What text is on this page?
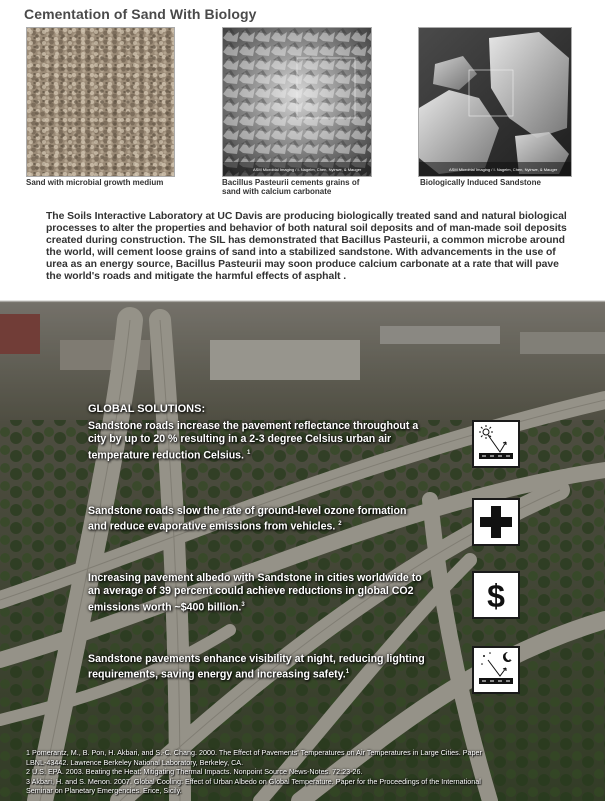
Cementation of Sand With Biology
ASM Microbial Imaging / I. Nagelm, Chen, Nyinwe, & Mauger	ASM Microbial Imaging / I. Nagelm, Chen, Nyinwe, & Mauger
Sand with microbial growth medium	Bacillus Pasteurii cements grains of sand with calcium carbonate
Biologically Induced Sandstone
The Soils Interactive Laboratory at UC Davis are producing biologically treated sand and natural biological processes to alter the properties and behavior of both natural soil deposits and of man-made soil deposits created during construction. The SIL has demonstrated that Bacillus Pasteurii, a common microbe around the world, will cement loose grains of sand into a stabilized sandstone. With advancements in the use of urea as an energy source, Bacillus Pasteurii may soon produce calcium carbonate at a rate that will pave the world's roads and mitigate the harmful effects of asphalt .
GLOBAL SOLUTIONS:
Sandstone roads increase the pavement reflectance throughout a city by up to 20 % resulting in a 2-3 degree Celsius urban air temperature reduction Celsius. $^1$
Sandstone roads slow the rate of ground-level ozone formation and reduce evaporative emissions from vehicles. $^2$
Increasing pavement albedo with Sandstone in cities worldwide to an average of 39 percent could achieve reductions in global CO2 emissions worth ~$400 billion.$^3$
Sandstone pavements enhance visibility at night, reducing lighting requirements, saving energy and increasing safety.$^1$
$
1 Pomerantz, M., B. Pon, H. Akbari, and S.-C. Chang. 2000. The Effect of Pavements' Temperatures on Air Temperatures in Large Cities. Paper
LBNL-43442. Lawrence Berkeley National Laboratory, Berkeley, CA.
2 U.S. EPA. 2003. Beating the Heat: Mitigating Thermal Impacts. Nonpoint Source News-Notes. 72:23-26.
3 Akbari, H. and S. Menon. 2007. Global Cooling: Effect of Urban Albedo on Global Temperature. Paper for the Proceedings of the International
Seminar on Planetary Emergencies. Erice, Sicily.
